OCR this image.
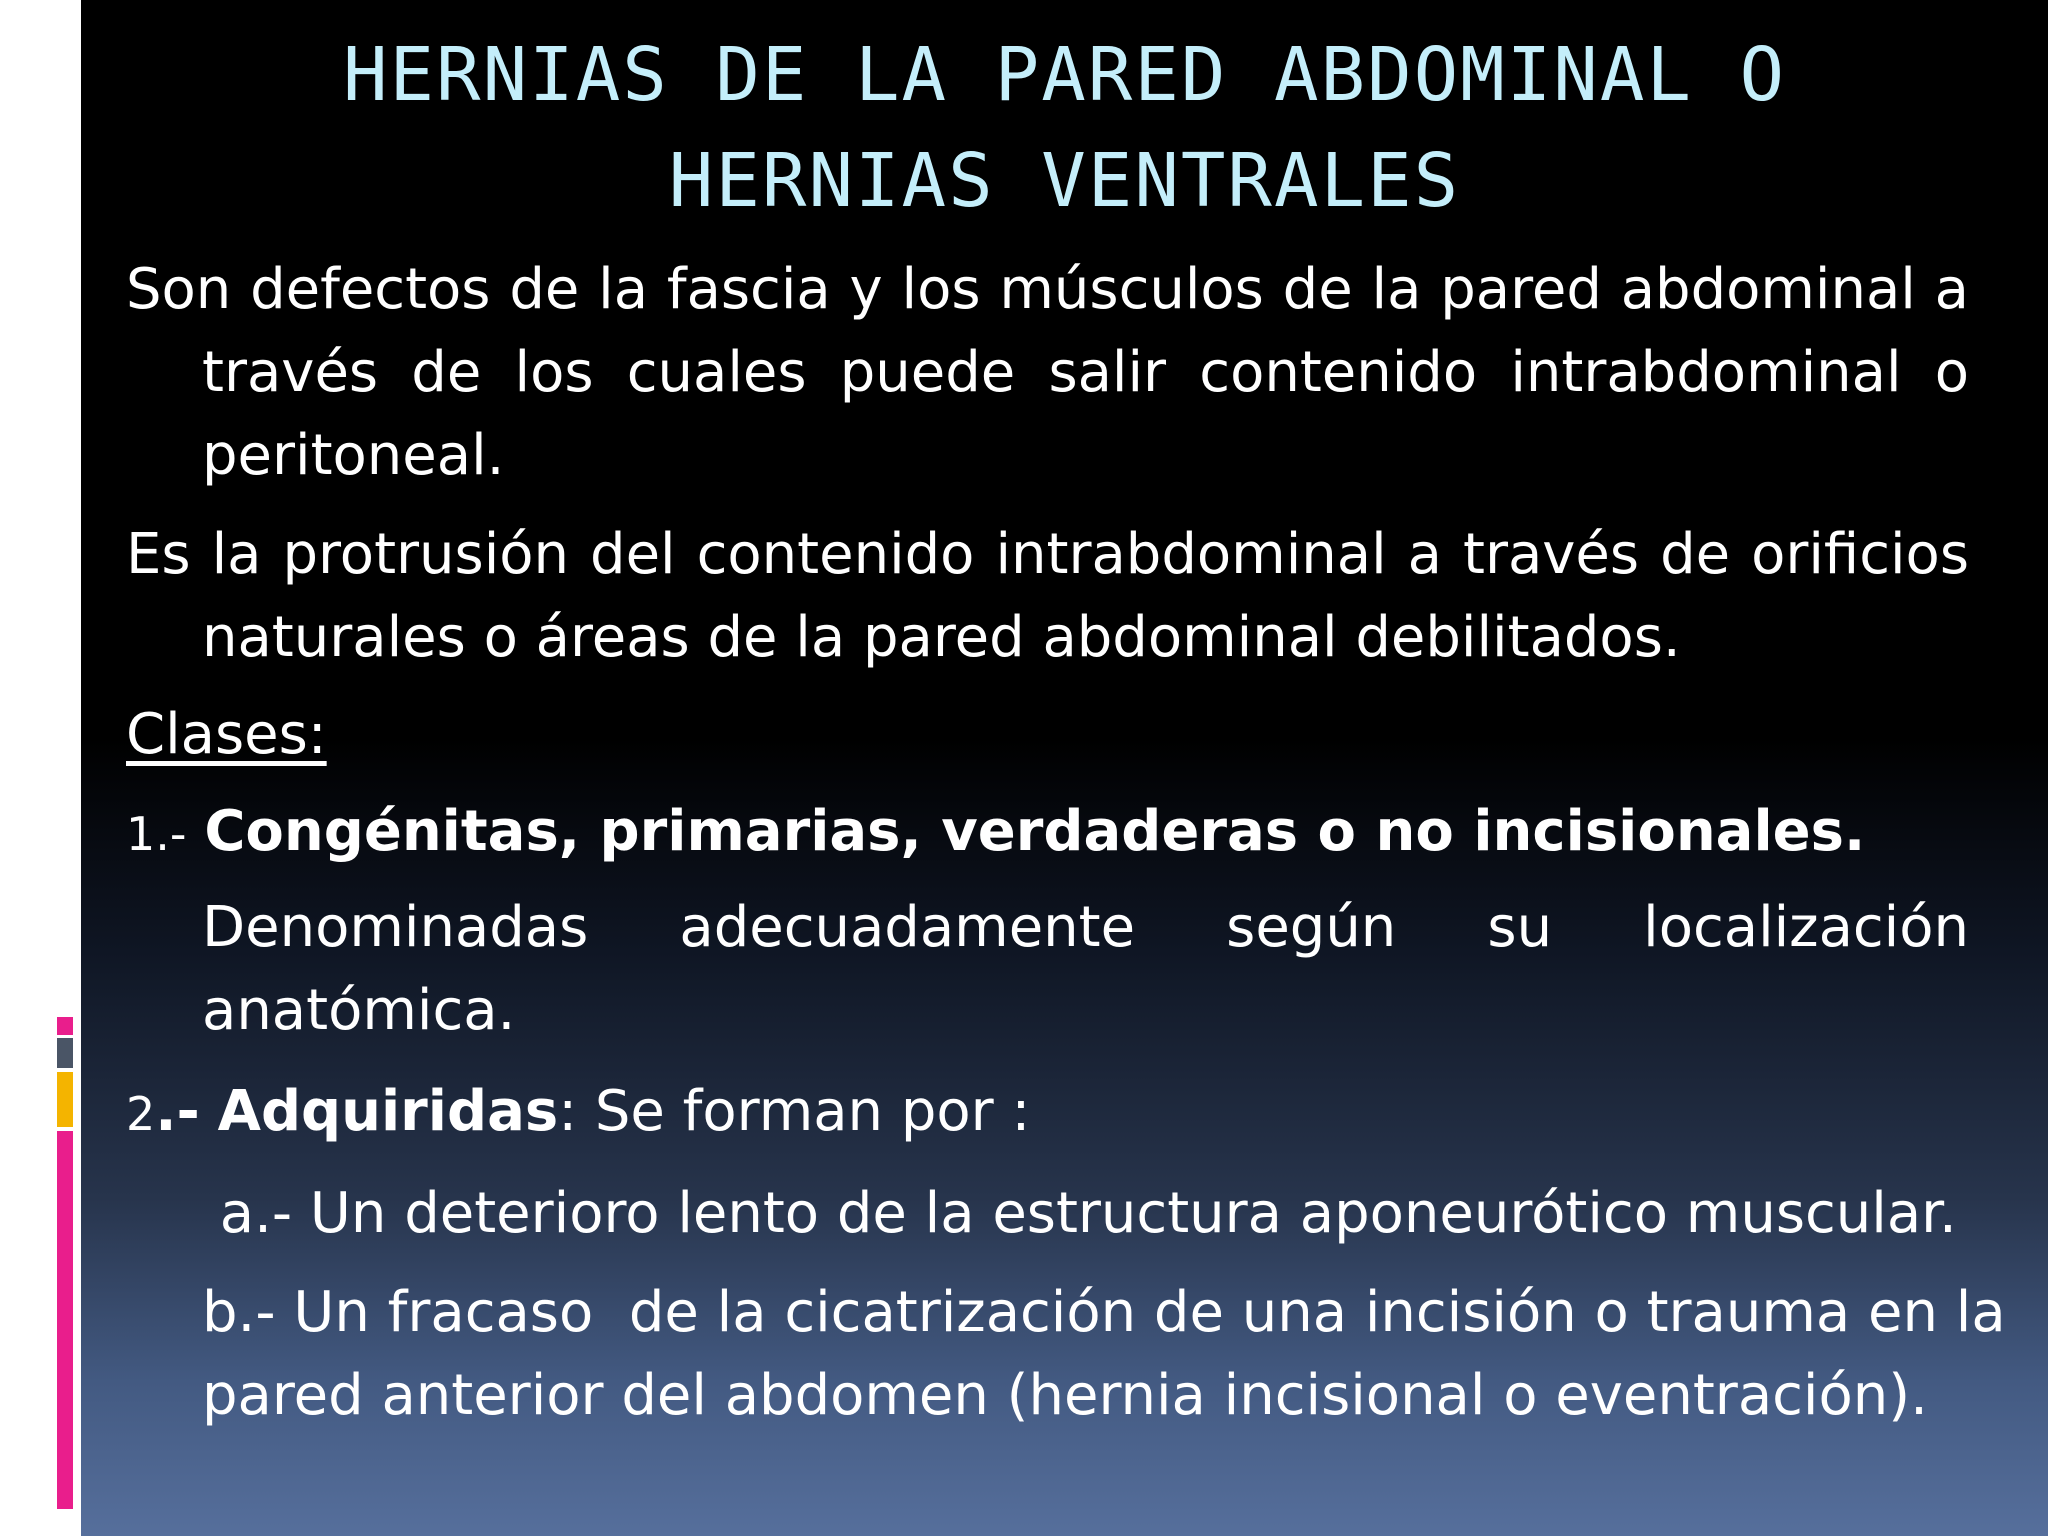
HERNIAS DE LA PARED ABDOMINAL O
HERNIAS VENTRALES

Son defectos de la fascia y los músculos de la pared abdominal a través de los cuales puede salir contenido intrabdominal o peritoneal.

Es la protrusión del contenido intrabdominal a través de orificios naturales o áreas de la pared abdominal debilitados.

Clases:

1.- Congénitas, primarias, verdaderas o no incisionales.

Denominadas adecuadamente según su localización
anatómica.

2.- Adquiridas: Se forman por :

a.- Un deterioro lento de la estructura aponeurótico muscular.

b.- Un fracaso  de la cicatrización de una incisión o trauma en la
pared anterior del abdomen (hernia incisional o eventración).
